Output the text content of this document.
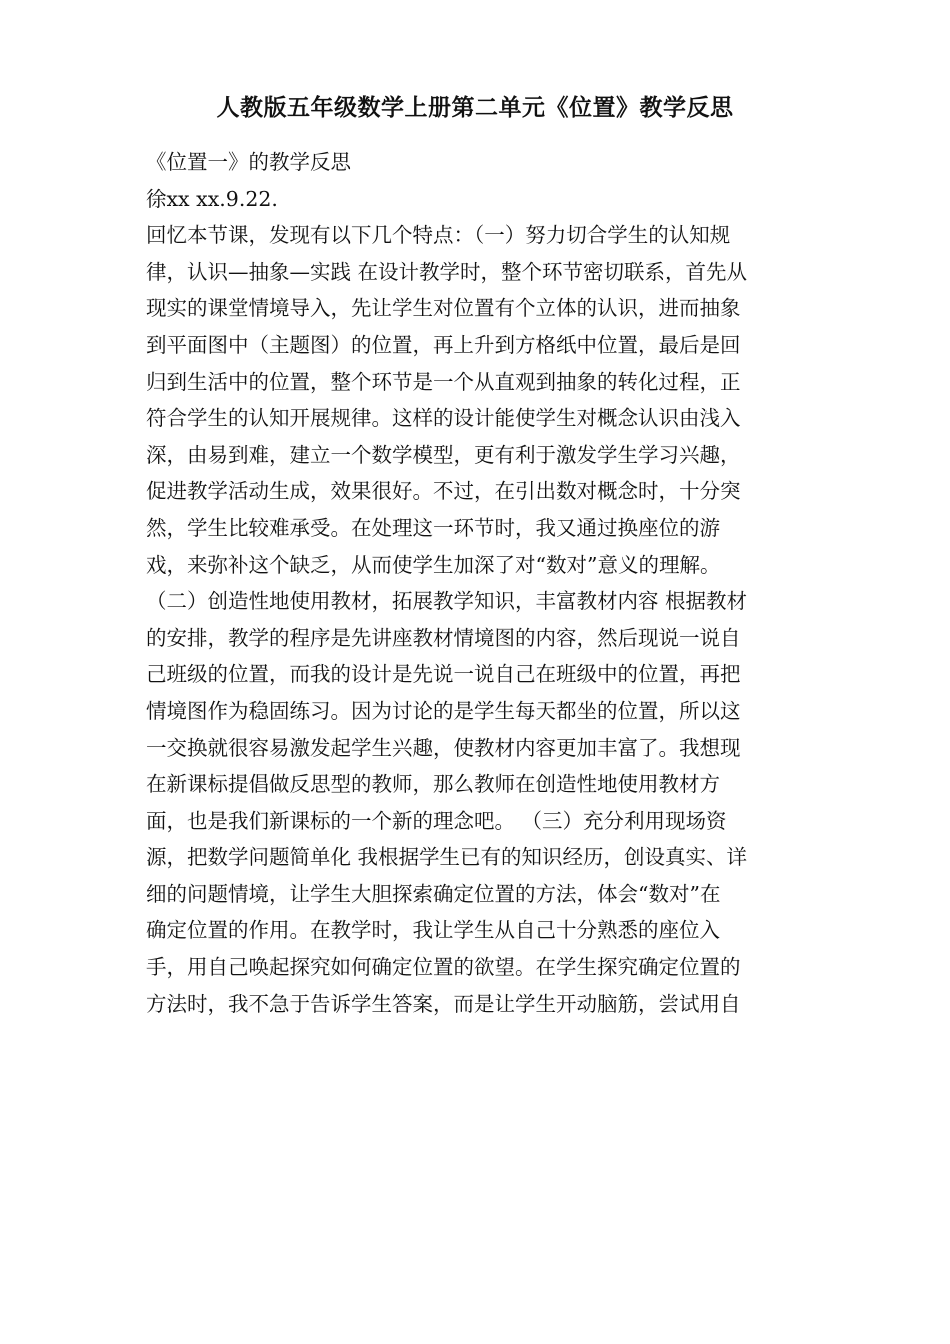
人教版五年级数学上册第二单元《位置》教学反思
《位置一》的教学反思
徐xx xx.9.22.
回忆本节课，发现有以下几个特点：（一）努力切合学生的认知规
律，认识—抽象—实践 在设计教学时，整个环节密切联系，首先从
现实的课堂情境导入，先让学生对位置有个立体的认识，进而抽象
到平面图中（主题图）的位置，再上升到方格纸中位置，最后是回
归到生活中的位置，整个环节是一个从直观到抽象的转化过程，正
符合学生的认知开展规律。这样的设计能使学生对概念认识由浅入
深，由易到难，建立一个数学模型，更有利于激发学生学习兴趣，
促进教学活动生成，效果很好。不过，在引出数对概念时，十分突
然，学生比较难承受。在处理这一环节时，我又通过换座位的游
戏，来弥补这个缺乏，从而使学生加深了对“数对”意义的理解。
（二）创造性地使用教材，拓展教学知识，丰富教材内容 根据教材
的安排，教学的程序是先讲座教材情境图的内容，然后现说一说自
己班级的位置，而我的设计是先说一说自己在班级中的位置，再把
情境图作为稳固练习。因为讨论的是学生每天都坐的位置，所以这
一交换就很容易激发起学生兴趣，使教材内容更加丰富了。我想现
在新课标提倡做反思型的教师，那么教师在创造性地使用教材方
面，也是我们新课标的一个新的理念吧。 （三）充分利用现场资
源，把数学问题简单化 我根据学生已有的知识经历，创设真实、详
细的问题情境，让学生大胆探索确定位置的方法，体会“数对”在
确定位置的作用。在教学时，我让学生从自己十分熟悉的座位入
手，用自己唤起探究如何确定位置的欲望。在学生探究确定位置的
方法时，我不急于告诉学生答案，而是让学生开动脑筋，尝试用自
